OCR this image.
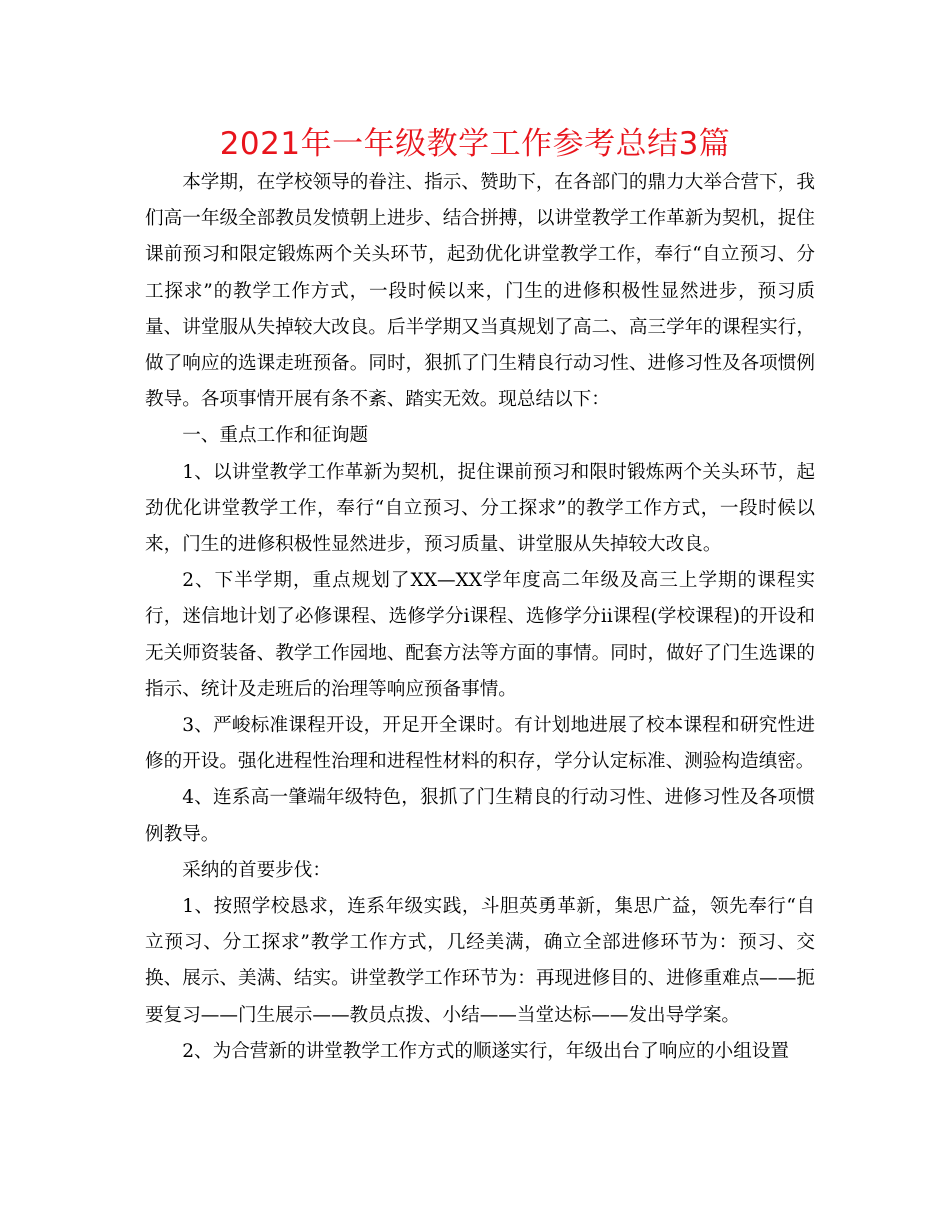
2021年一年级教学工作参考总结3篇

本学期，在学校领导的眷注、指示、赞助下，在各部门的鼎力大举合营下，我们高一年级全部教员发愤朝上进步、结合拼搏，以讲堂教学工作革新为契机，捉住课前预习和限定锻炼两个关头环节，起劲优化讲堂教学工作，奉行“自立预习、分工探求”的教学工作方式，一段时候以来，门生的进修积极性显然进步，预习质量、讲堂服从失掉较大改良。后半学期又当真规划了高二、高三学年的课程实行，做了响应的选课走班预备。同时，狠抓了门生精良行动习性、进修习性及各项惯例教导。各项事情开展有条不紊、踏实无效。现总结以下：

一、重点工作和征询题

1、以讲堂教学工作革新为契机，捉住课前预习和限时锻炼两个关头环节，起劲优化讲堂教学工作，奉行“自立预习、分工探求”的教学工作方式，一段时候以来，门生的进修积极性显然进步，预习质量、讲堂服从失掉较大改良。

2、下半学期，重点规划了XX—XX学年度高二年级及高三上学期的课程实行，迷信地计划了必修课程、选修学分ⅰ课程、选修学分ⅱ课程(学校课程)的开设和无关师资装备、教学工作园地、配套方法等方面的事情。同时，做好了门生选课的指示、统计及走班后的治理等响应预备事情。

3、严峻标准课程开设，开足开全课时。有计划地进展了校本课程和研究性进修的开设。强化进程性治理和进程性材料的积存，学分认定标准、测验构造缜密。

4、连系高一肇端年级特色，狠抓了门生精良的行动习性、进修习性及各项惯例教导。

采纳的首要步伐：

1、按照学校恳求，连系年级实践，斗胆英勇革新，集思广益，领先奉行“自立预习、分工探求”教学工作方式，几经美满，确立全部进修环节为：预习、交换、展示、美满、结实。讲堂教学工作环节为：再现进修目的、进修重难点——扼要复习——门生展示——教员点拨、小结——当堂达标——发出导学案。

2、为合营新的讲堂教学工作方式的顺遂实行，年级出台了响应的小组设置
